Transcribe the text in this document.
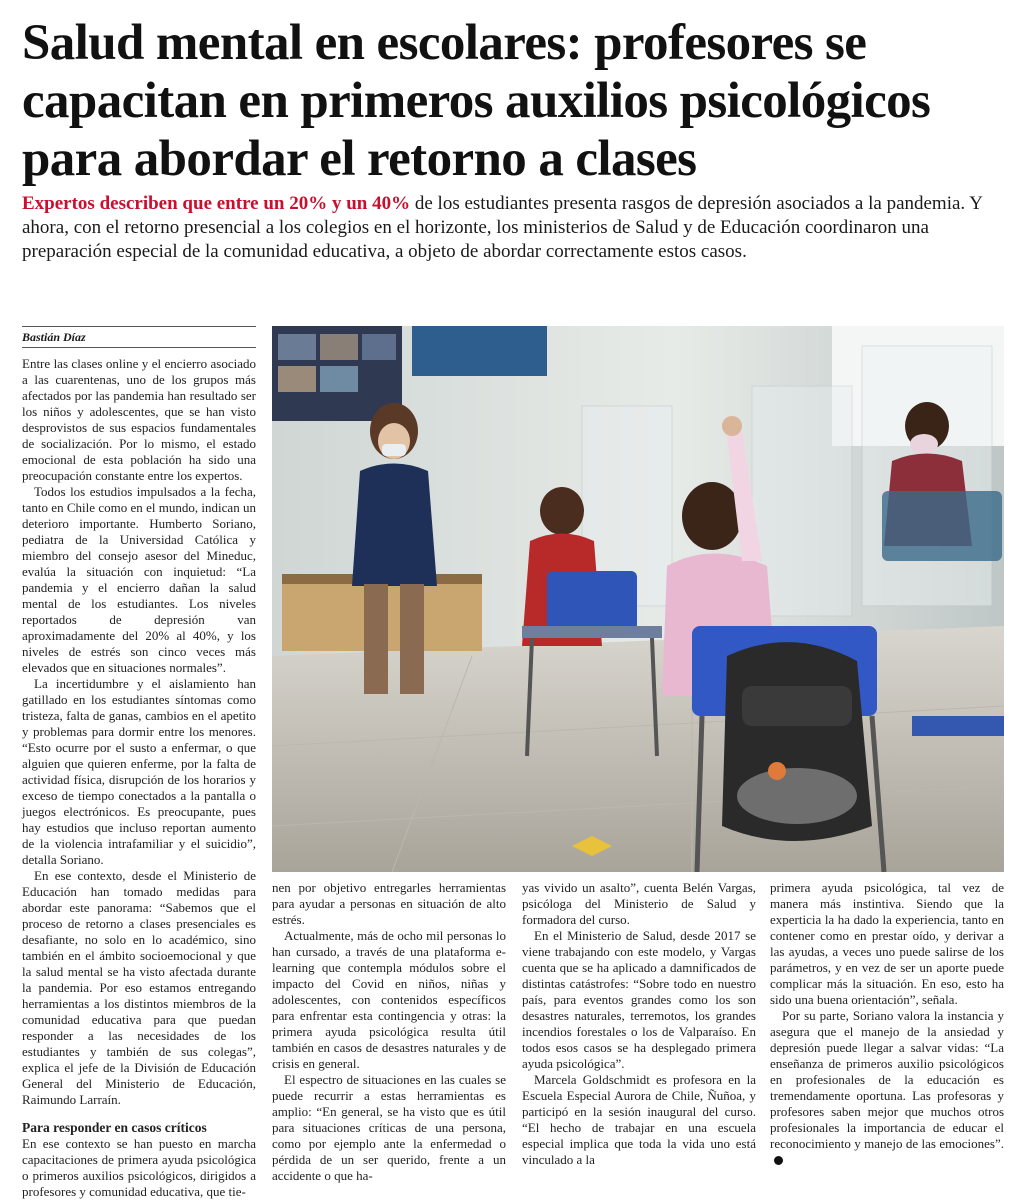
Salud mental en escolares: profesores se capacitan en primeros auxilios psicológicos para abordar el retorno a clases

Expertos describen que entre un 20% y un 40% de los estudiantes presenta rasgos de depresión asociados a la pandemia. Y ahora, con el retorno presencial a los colegios en el horizonte, los ministerios de Salud y de Educación coordinaron una preparación especial de la comunidad educativa, a objeto de abordar correctamente estos casos.

Bastián Díaz

Entre las clases online y el encierro asociado a las cuarentenas, uno de los grupos más afectados por las pandemia han resultado ser los niños y adolescentes, que se han visto desprovistos de sus espacios fundamentales de socialización. Por lo mismo, el estado emocional de esta población ha sido una preocupación constante entre los expertos.

Todos los estudios impulsados a la fecha, tanto en Chile como en el mundo, indican un deterioro importante. Humberto Soriano, pediatra de la Universidad Católica y miembro del consejo asesor del Mineduc, evalúa la situación con inquietud: “La pandemia y el encierro dañan la salud mental de los estudiantes. Los niveles reportados de depresión van aproximadamente del 20% al 40%, y los niveles de estrés son cinco veces más elevados que en situaciones normales”.

La incertidumbre y el aislamiento han gatillado en los estudiantes síntomas como tristeza, falta de ganas, cambios en el apetito y problemas para dormir entre los menores. “Esto ocurre por el susto a enfermar, o que alguien que quieren enferme, por la falta de actividad física, disrupción de los horarios y exceso de tiempo conectados a la pantalla o juegos electrónicos. Es preocupante, pues hay estudios que incluso reportan aumento de la violencia intrafamiliar y el suicidio”, detalla Soriano.

En ese contexto, desde el Ministerio de Educación han tomado medidas para abordar este panorama: “Sabemos que el proceso de retorno a clases presenciales es desafiante, no solo en lo académico, sino también en el ámbito socioemocional y que la salud mental se ha visto afectada durante la pandemia. Por eso estamos entregando herramientas a los distintos miembros de la comunidad educativa para que puedan responder a las necesidades de los estudiantes y también de sus colegas”, explica el jefe de la División de Educación General del Ministerio de Educación, Raimundo Larraín.

Para responder en casos críticos

En ese contexto se han puesto en marcha capacitaciones de primera ayuda psicológica o primeros auxilios psicológicos, dirigidos a profesores y comunidad educativa, que tie-

nen por objetivo entregarles herramientas para ayudar a personas en situación de alto estrés.

Actualmente, más de ocho mil personas lo han cursado, a través de una plataforma e-learning que contempla módulos sobre el impacto del Covid en niños, niñas y adolescentes, con contenidos específicos para enfrentar esta contingencia y otras: la primera ayuda psicológica resulta útil también en casos de desastres naturales y de crisis en general.

El espectro de situaciones en las cuales se puede recurrir a estas herramientas es amplio: “En general, se ha visto que es útil para situaciones críticas de una persona, como por ejemplo ante la enfermedad o pérdida de un ser querido, frente a un accidente o que ha-

yas vivido un asalto”, cuenta Belén Vargas, psicóloga del Ministerio de Salud y formadora del curso.

En el Ministerio de Salud, desde 2017 se viene trabajando con este modelo, y Vargas cuenta que se ha aplicado a damnificados de distintas catástrofes: “Sobre todo en nuestro país, para eventos grandes como los son desastres naturales, terremotos, los grandes incendios forestales o los de Valparaíso. En todos esos casos se ha desplegado primera ayuda psicológica”.

Marcela Goldschmidt es profesora en la Escuela Especial Aurora de Chile, Ñuñoa, y participó en la sesión inaugural del curso. “El hecho de trabajar en una escuela especial implica que toda la vida uno está vinculado a la

primera ayuda psicológica, tal vez de manera más instintiva. Siendo que la experticia la ha dado la experiencia, tanto en contener como en prestar oído, y derivar a las ayudas, a veces uno puede salirse de los parámetros, y en vez de ser un aporte puede complicar más la situación. En eso, esto ha sido una buena orientación”, señala.

Por su parte, Soriano valora la instancia y asegura que el manejo de la ansiedad y depresión puede llegar a salvar vidas: “La enseñanza de primeros auxilio psicológicos en profesionales de la educación es tremendamente oportuna. Las profesoras y profesores saben mejor que muchos otros profesionales la importancia de educar el reconocimiento y manejo de las emociones”.
